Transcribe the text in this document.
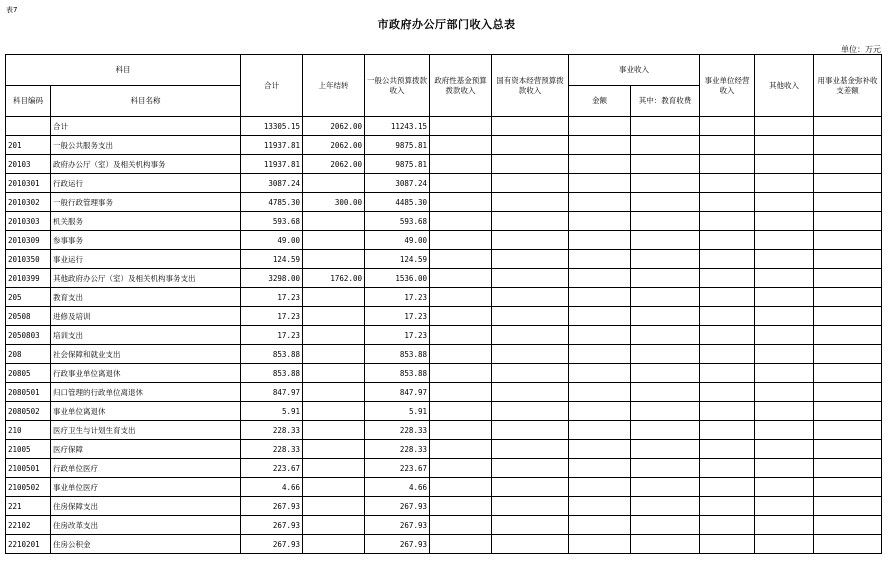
表7
市政府办公厅部门收入总表
单位：万元
科目		合计	上年结转	一般公共预算拨款收入	政府性基金预算拨款收入	国有资本经营预算拨款收入	事业收入		事业单位经营收入	其他收入	用事业基金弥补收支差额
科目编码	科目名称						金额	其中：教育收费			
	合计	13305.15	2062.00	11243.15							
201	一般公共服务支出	11937.81	2062.00	9875.81							
20103	政府办公厅（室）及相关机构事务	11937.81	2062.00	9875.81							
2010301	行政运行	3087.24		3087.24							
2010302	一般行政管理事务	4785.30	300.00	4485.30							
2010303	机关服务	593.68		593.68							
2010309	参事事务	49.00		49.00							
2010350	事业运行	124.59		124.59							
2010399	其他政府办公厅（室）及相关机构事务支出	3298.00	1762.00	1536.00							
205	教育支出	17.23		17.23							
20508	进修及培训	17.23		17.23							
2050803	培训支出	17.23		17.23							
208	社会保障和就业支出	853.88		853.88							
20805	行政事业单位离退休	853.88		853.88							
2080501	归口管理的行政单位离退休	847.97		847.97							
2080502	事业单位离退休	5.91		5.91							
210	医疗卫生与计划生育支出	228.33		228.33							
21005	医疗保障	228.33		228.33							
2100501	行政单位医疗	223.67		223.67							
2100502	事业单位医疗	4.66		4.66							
221	住房保障支出	267.93		267.93							
22102	住房改革支出	267.93		267.93							
2210201	住房公积金	267.93		267.93							
